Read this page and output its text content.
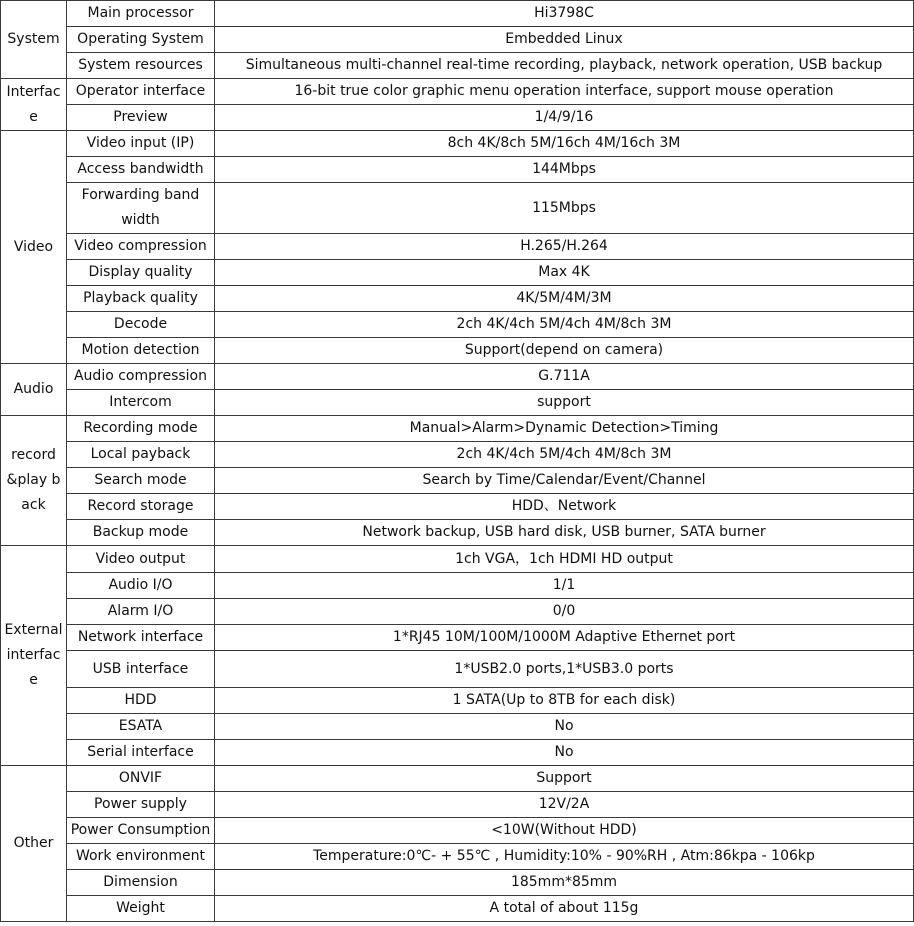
System	Main processor	Hi3798C
	Operating System	Embedded Linux
	System resources	Simultaneous multi-channel real-time recording, playback, network operation, USB backup
Interface	Operator interface	16-bit true color graphic menu operation interface, support mouse operation
	Preview	1/4/9/16
Video	Video input (IP)	8ch 4K/8ch 5M/16ch 4M/16ch 3M
	Access bandwidth	144Mbps
	Forwarding bandwidth	115Mbps
	Video compression	H.265/H.264
	Display quality	Max 4K
	Playback quality	4K/5M/4M/3M
	Decode	2ch 4K/4ch 5M/4ch 4M/8ch 3M
	Motion detection	Support(depend on camera)
Audio	Audio compression	G.711A
	Intercom	support
record &play back	Recording mode	Manual>Alarm>Dynamic Detection>Timing
	Local payback	2ch 4K/4ch 5M/4ch 4M/8ch 3M
	Search mode	Search by Time/Calendar/Event/Channel
	Record storage	HDD、Network
	Backup mode	Network backup, USB hard disk, USB burner, SATA burner
External interface	Video output	1ch VGA，1ch HDMI HD output
	Audio I/O	1/1
	Alarm I/O	0/0
	Network interface	1*RJ45 10M/100M/1000M Adaptive Ethernet port
	USB interface	1*USB2.0 ports,1*USB3.0 ports
	HDD	1 SATA(Up to 8TB for each disk)
	ESATA	No
	Serial interface	No
Other	ONVIF	Support
	Power supply	12V/2A
	Power Consumption	<10W(Without HDD)
	Work environment	Temperature:0℃- + 55℃ , Humidity:10% - 90%RH , Atm:86kpa - 106kp
	Dimension	185mm*85mm
	Weight	A total of about 115g
